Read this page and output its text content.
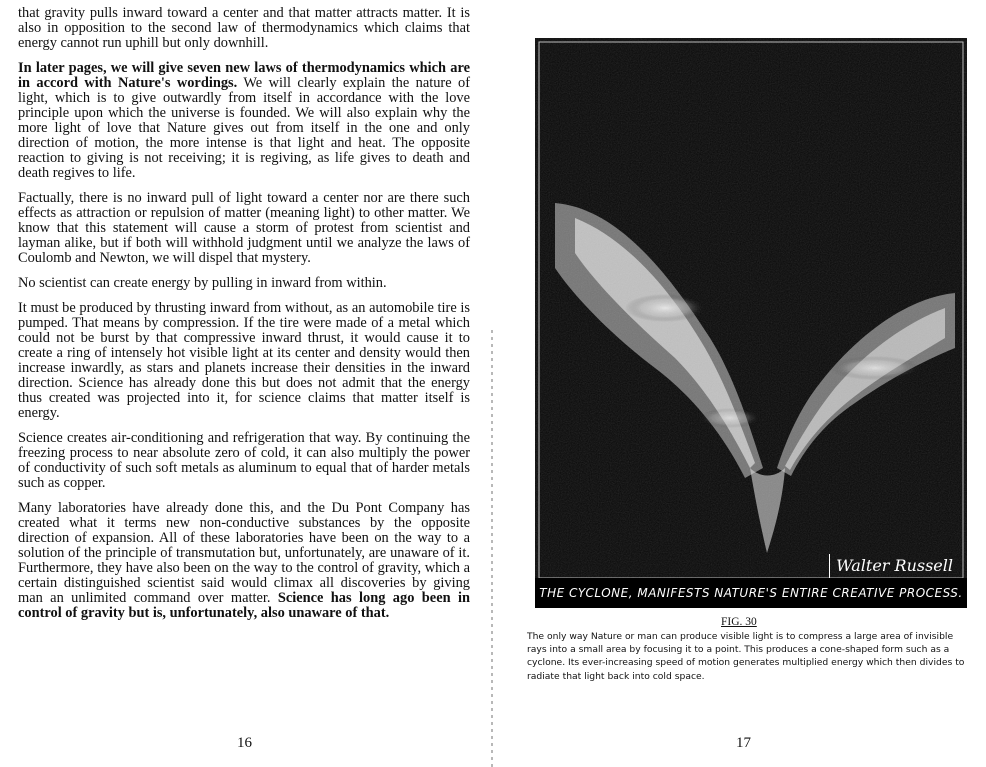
that gravity pulls inward toward a center and that matter attracts matter. It is also in opposition to the second law of thermodynamics which claims that energy cannot run uphill but only downhill.

In later pages, we will give seven new laws of thermodynamics which are in accord with Nature's wordings. We will clearly explain the nature of light, which is to give outwardly from itself in accordance with the love principle upon which the universe is founded. We will also explain why the more light of love that Nature gives out from itself in the one and only direction of motion, the more intense is that light and heat. The opposite reaction to giving is not receiving; it is regiving, as life gives to death and death regives to life.

Factually, there is no inward pull of light toward a center nor are there such effects as attraction or repulsion of matter (meaning light) to other matter. We know that this statement will cause a storm of protest from scientist and layman alike, but if both will withhold judgment until we analyze the laws of Coulomb and Newton, we will dispel that mystery.

No scientist can create energy by pulling in inward from within.

It must be produced by thrusting inward from without, as an automobile tire is pumped. That means by compression. If the tire were made of a metal which could not be burst by that compressive inward thrust, it would cause it to create a ring of intensely hot visible light at its center and density would then increase inwardly, as stars and planets increase their densities in the inward direction. Science has already done this but does not admit that the energy thus created was projected into it, for science claims that matter itself is energy.

Science creates air-conditioning and refrigeration that way. By continuing the freezing process to near absolute zero of cold, it can also multiply the power of conductivity of such soft metals as aluminum to equal that of harder metals such as copper.

Many laboratories have already done this, and the Du Pont Company has created what it terms new non-conductive substances by the opposite direction of expansion. All of these laboratories have been on the way to a solution of the principle of transmutation but, unfortunately, are unaware of it. Furthermore, they have also been on the way to the control of gravity, which a certain distinguished scientist said would climax all discoveries by giving man an unlimited command over matter. Science has long ago been in control of gravity but is, unfortunately, also unaware of that.

16
Walter Russell
THE CYCLONE, MANIFESTS NATURE'S ENTIRE CREATIVE PROCESS.
FIG. 30
The only way Nature or man can produce visible light is to compress a large area of invisible rays into a small area by focusing it to a point. This produces a cone-shaped form such as a cyclone. Its ever-increasing speed of motion generates multiplied energy which then divides to radiate that light back into cold space.
17
